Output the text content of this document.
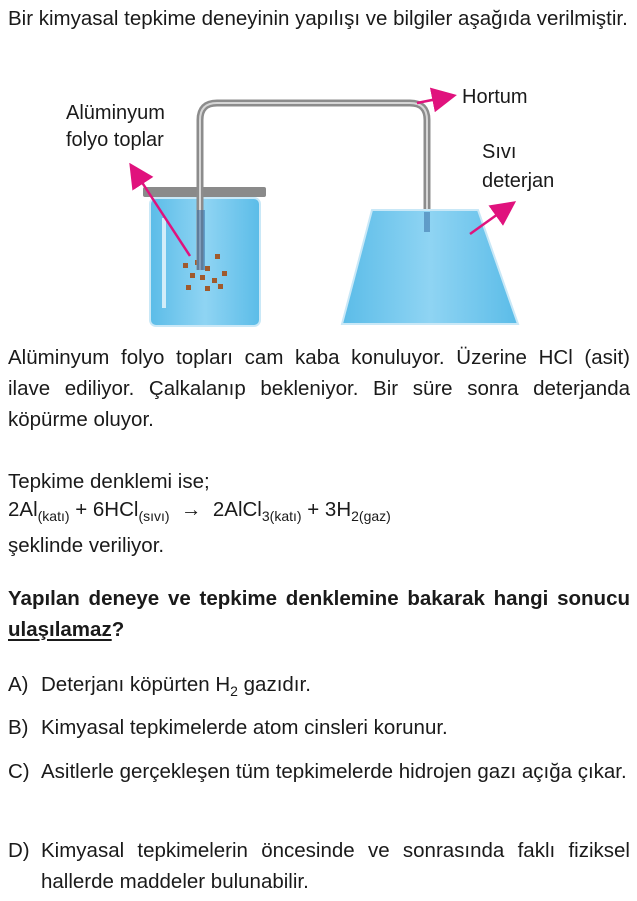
Bir kimyasal tepkime deneyinin yapılışı ve bilgiler aşağıda verilmiştir.
Alüminyum
folyo toplar
Hortum
Sıvı
deterjan
Alüminyum folyo topları cam kaba konuluyor. Üzerine HCl (asit) ilave ediliyor. Çalkalanıp bekleniyor. Bir süre sonra deterjanda köpürme oluyor.
Tepkime denklemi ise;
$2Al_{(katı)} + 6HCl_{(sıvı)}$  →  2AlCl$_{3(katı)}$ + $3H_{2(gaz)}$
şeklinde veriliyor.
Yapılan deneye ve tepkime denklemine bakarak hangi sonucu ulaşılamaz?
A) Deterjanı köpürten $H_2$ gazıdır.
B) Kimyasal tepkimelerde atom cinsleri korunur.
C) Asitlerle gerçekleşen tüm tepkimelerde hidrojen gazı açığa çıkar.
D) Kimyasal tepkimelerin öncesinde ve sonrasında faklı fiziksel hallerde maddeler bulunabilir.
